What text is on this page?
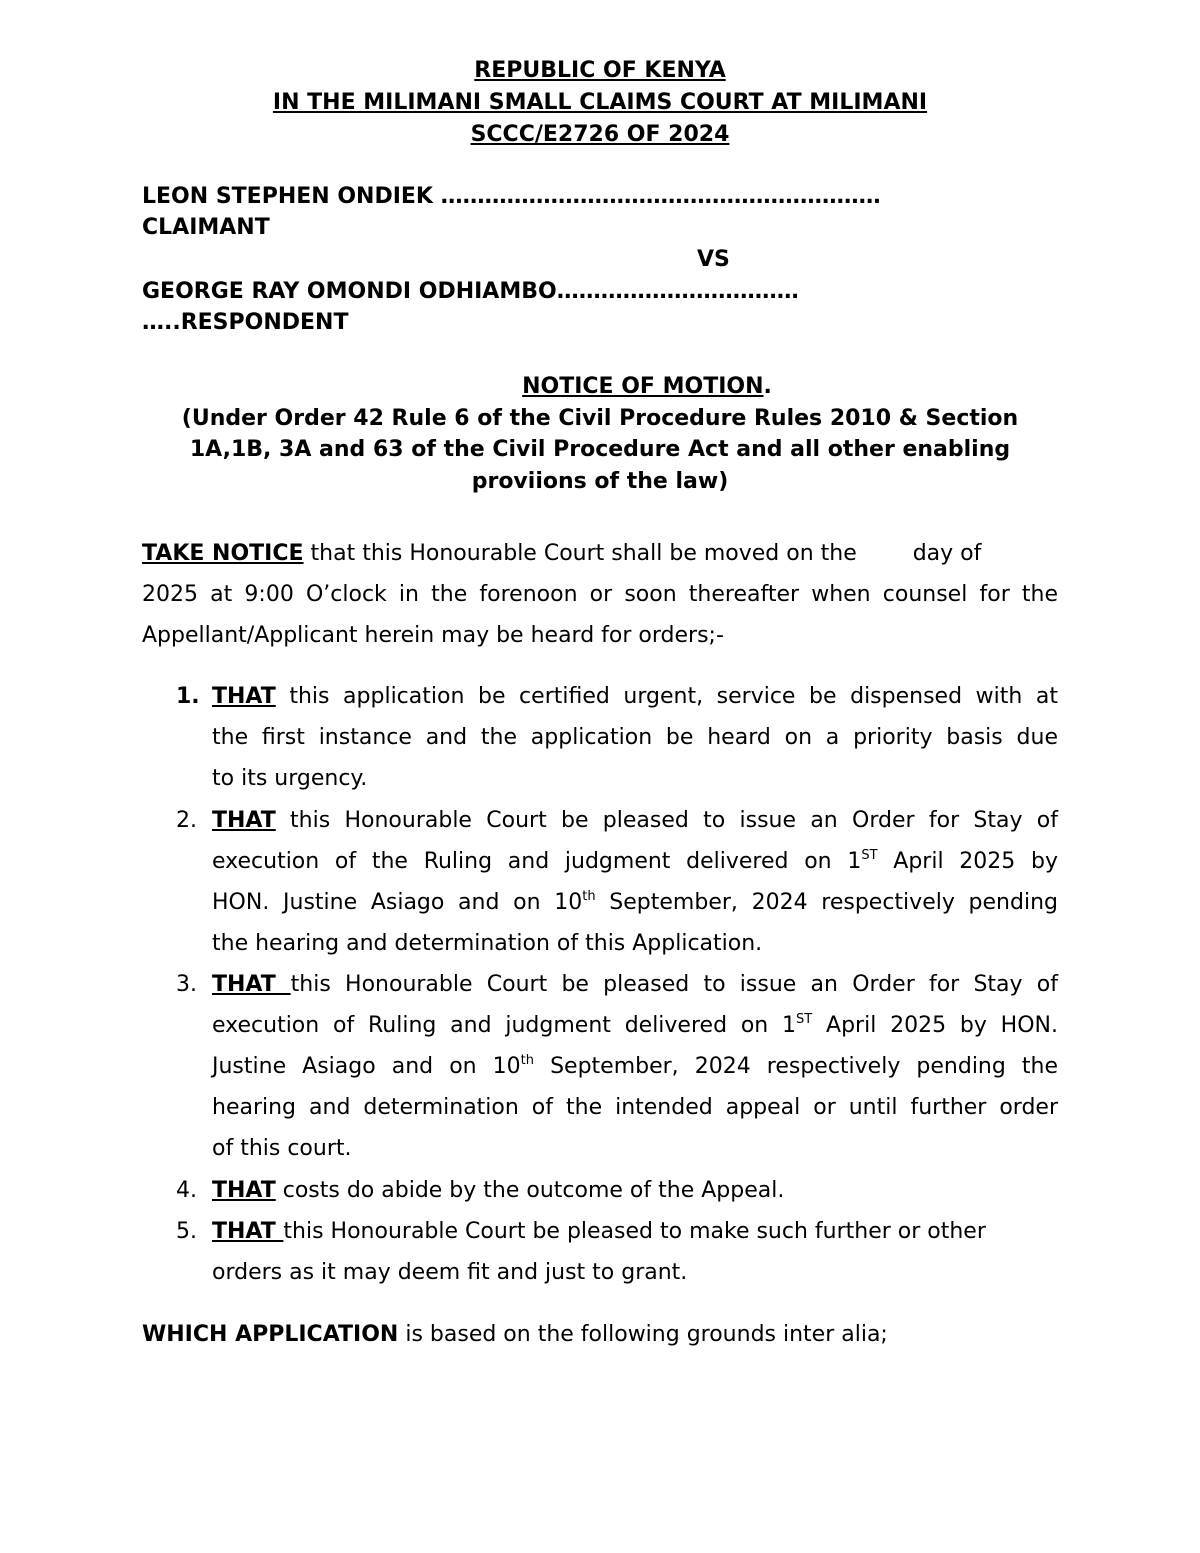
REPUBLIC OF KENYA
IN THE MILIMANI SMALL CLAIMS COURT AT MILIMANI
SCCC/E2726 OF 2024
LEON STEPHEN ONDIEK ……………………………………………………
CLAIMANT
VS
GEORGE RAY OMONDI ODHIAMBO……………………………
…..RESPONDENT
NOTICE OF MOTION.
(Under Order 42 Rule 6 of the Civil Procedure Rules 2010 & Section
1A,1B, 3A and 63 of the Civil Procedure Act and all other enabling
proviions of the law)
TAKE NOTICE that this Honourable Court shall be moved on the        day of
2025 at 9:00 O’clock in the forenoon or soon thereafter when counsel for the
Appellant/Applicant herein may be heard for orders;-
1. THAT this application be certified urgent, service be dispensed with at
the first instance and the application be heard on a priority basis due
to its urgency.
2. THAT this Honourable Court be pleased to issue an Order for Stay of
execution of the Ruling and judgment delivered on 1ST April 2025 by
HON. Justine Asiago and on 10th September, 2024 respectively pending
the hearing and determination of this Application.
3. THAT this Honourable Court be pleased to issue an Order for Stay of
execution of Ruling and judgment delivered on 1ST April 2025 by HON.
Justine Asiago and on 10th September, 2024 respectively pending the
hearing and determination of the intended appeal or until further order
of this court.
4. THAT costs do abide by the outcome of the Appeal.
5. THAT this Honourable Court be pleased to make such further or other
orders as it may deem fit and just to grant.
WHICH APPLICATION is based on the following grounds inter alia;
